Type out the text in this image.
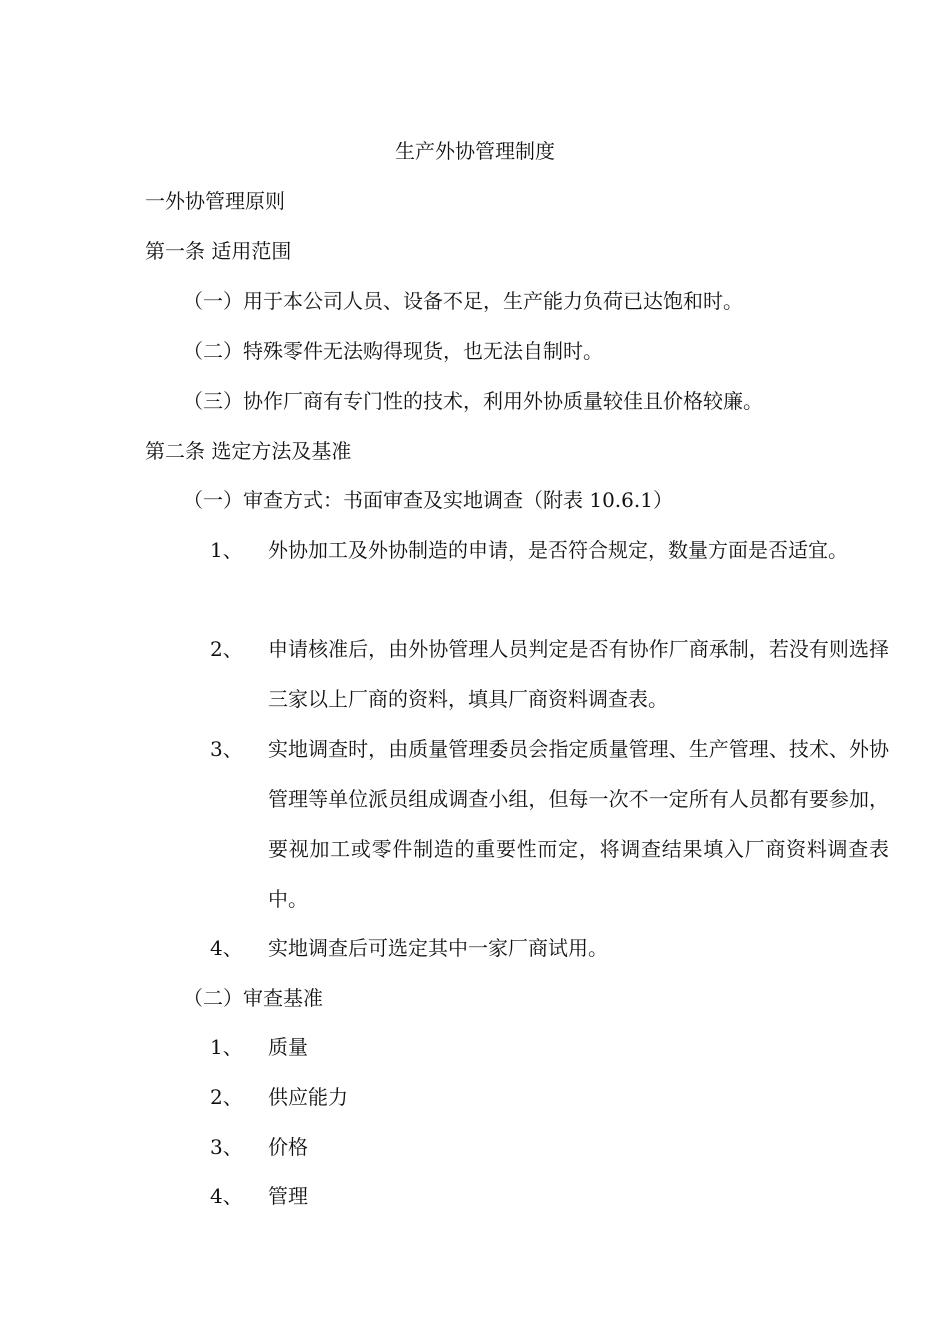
生产外协管理制度
一外协管理原则
第一条 适用范围
（一）用于本公司人员、设备不足，生产能力负荷已达饱和时。
（二）特殊零件无法购得现货，也无法自制时。
（三）协作厂商有专门性的技术，利用外协质量较佳且价格较廉。
第二条 选定方法及基准
（一）审查方式：书面审查及实地调查（附表 10.6.1）
1、 外协加工及外协制造的申请，是否符合规定，数量方面是否适宜。
2、 申请核准后，由外协管理人员判定是否有协作厂商承制，若没有则选择三家以上厂商的资料，填具厂商资料调查表。
3、 实地调查时，由质量管理委员会指定质量管理、生产管理、技术、外协管理等单位派员组成调查小组，但每一次不一定所有人员都有要参加，要视加工或零件制造的重要性而定，将调查结果填入厂商资料调查表中。
4、 实地调查后可选定其中一家厂商试用。
（二）审查基准
1、 质量
2、 供应能力
3、 价格
4、 管理
